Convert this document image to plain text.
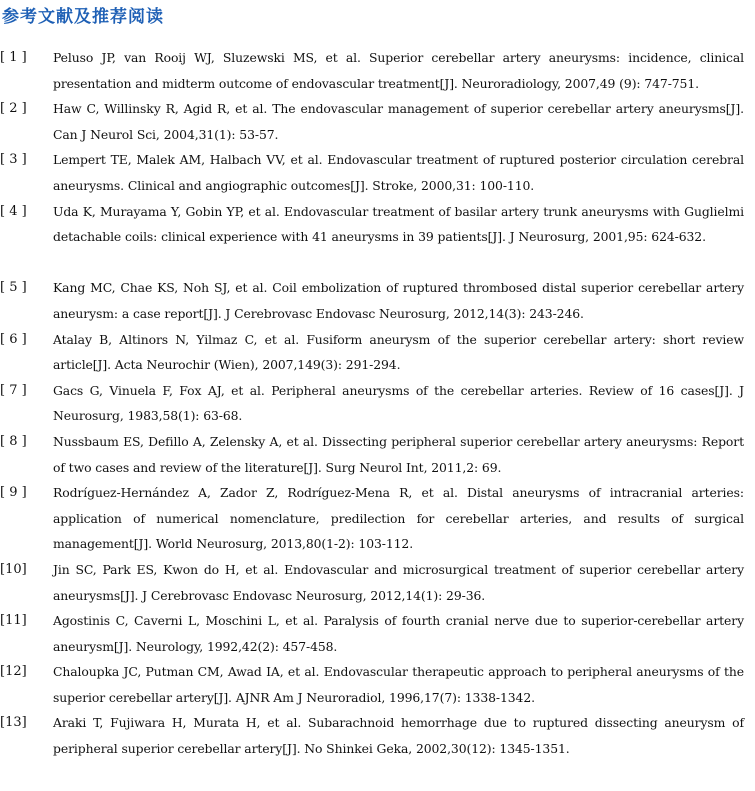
参考文献及推荐阅读
[ 1 ]	Peluso JP, van Rooij WJ, Sluzewski MS, et al. Superior cerebellar artery aneurysms: incidence, clinical presentation and midterm outcome of endovascular treatment[J]. Neuroradiology, 2007,49 (9): 747-751.
[ 2 ]	Haw C, Willinsky R, Agid R, et al. The endovascular management of superior cerebellar artery aneurysms[J]. Can J Neurol Sci, 2004,31(1): 53-57.
[ 3 ]	Lempert TE, Malek AM, Halbach VV, et al. Endovascular treatment of ruptured posterior circulation cerebral aneurysms. Clinical and angiographic outcomes[J]. Stroke, 2000,31: 100-110.
[ 4 ]	Uda K, Murayama Y, Gobin YP, et al. Endovascular treatment of basilar artery trunk aneurysms with Guglielmi detachable coils: clinical experience with 41 aneurysms in 39 patients[J]. J Neurosurg, 2001,95: 624-632.
[ 5 ]	Kang MC, Chae KS, Noh SJ, et al. Coil embolization of ruptured thrombosed distal superior cerebellar artery aneurysm: a case report[J]. J Cerebrovasc Endovasc Neurosurg, 2012,14(3): 243-246.
[ 6 ]	Atalay B, Altinors N, Yilmaz C, et al. Fusiform aneurysm of the superior cerebellar artery: short review article[J]. Acta Neurochir (Wien), 2007,149(3): 291-294.
[ 7 ]	Gacs G, Vinuela F, Fox AJ, et al. Peripheral aneurysms of the cerebellar arteries. Review of 16 cases[J]. J Neurosurg, 1983,58(1): 63-68.
[ 8 ]	Nussbaum ES, Defillo A, Zelensky A, et al. Dissecting peripheral superior cerebellar artery aneurysms: Report of two cases and review of the literature[J]. Surg Neurol Int, 2011,2: 69.
[ 9 ]	Rodríguez-Hernández A, Zador Z, Rodríguez-Mena R, et al. Distal aneurysms of intracranial arteries: application of numerical nomenclature, predilection for cerebellar arteries, and results of surgical management[J]. World Neurosurg, 2013,80(1-2): 103-112.
[10]	Jin SC, Park ES, Kwon do H, et al. Endovascular and microsurgical treatment of superior cerebellar artery aneurysms[J]. J Cerebrovasc Endovasc Neurosurg, 2012,14(1): 29-36.
[11]	Agostinis C, Caverni L, Moschini L, et al. Paralysis of fourth cranial nerve due to superior-cerebellar artery aneurysm[J]. Neurology, 1992,42(2): 457-458.
[12]	Chaloupka JC, Putman CM, Awad IA, et al. Endovascular therapeutic approach to peripheral aneurysms of the superior cerebellar artery[J]. AJNR Am J Neuroradiol, 1996,17(7): 1338-1342.
[13]	Araki T, Fujiwara H, Murata H, et al. Subarachnoid hemorrhage due to ruptured dissecting aneurysm of peripheral superior cerebellar artery[J]. No Shinkei Geka, 2002,30(12): 1345-1351.
